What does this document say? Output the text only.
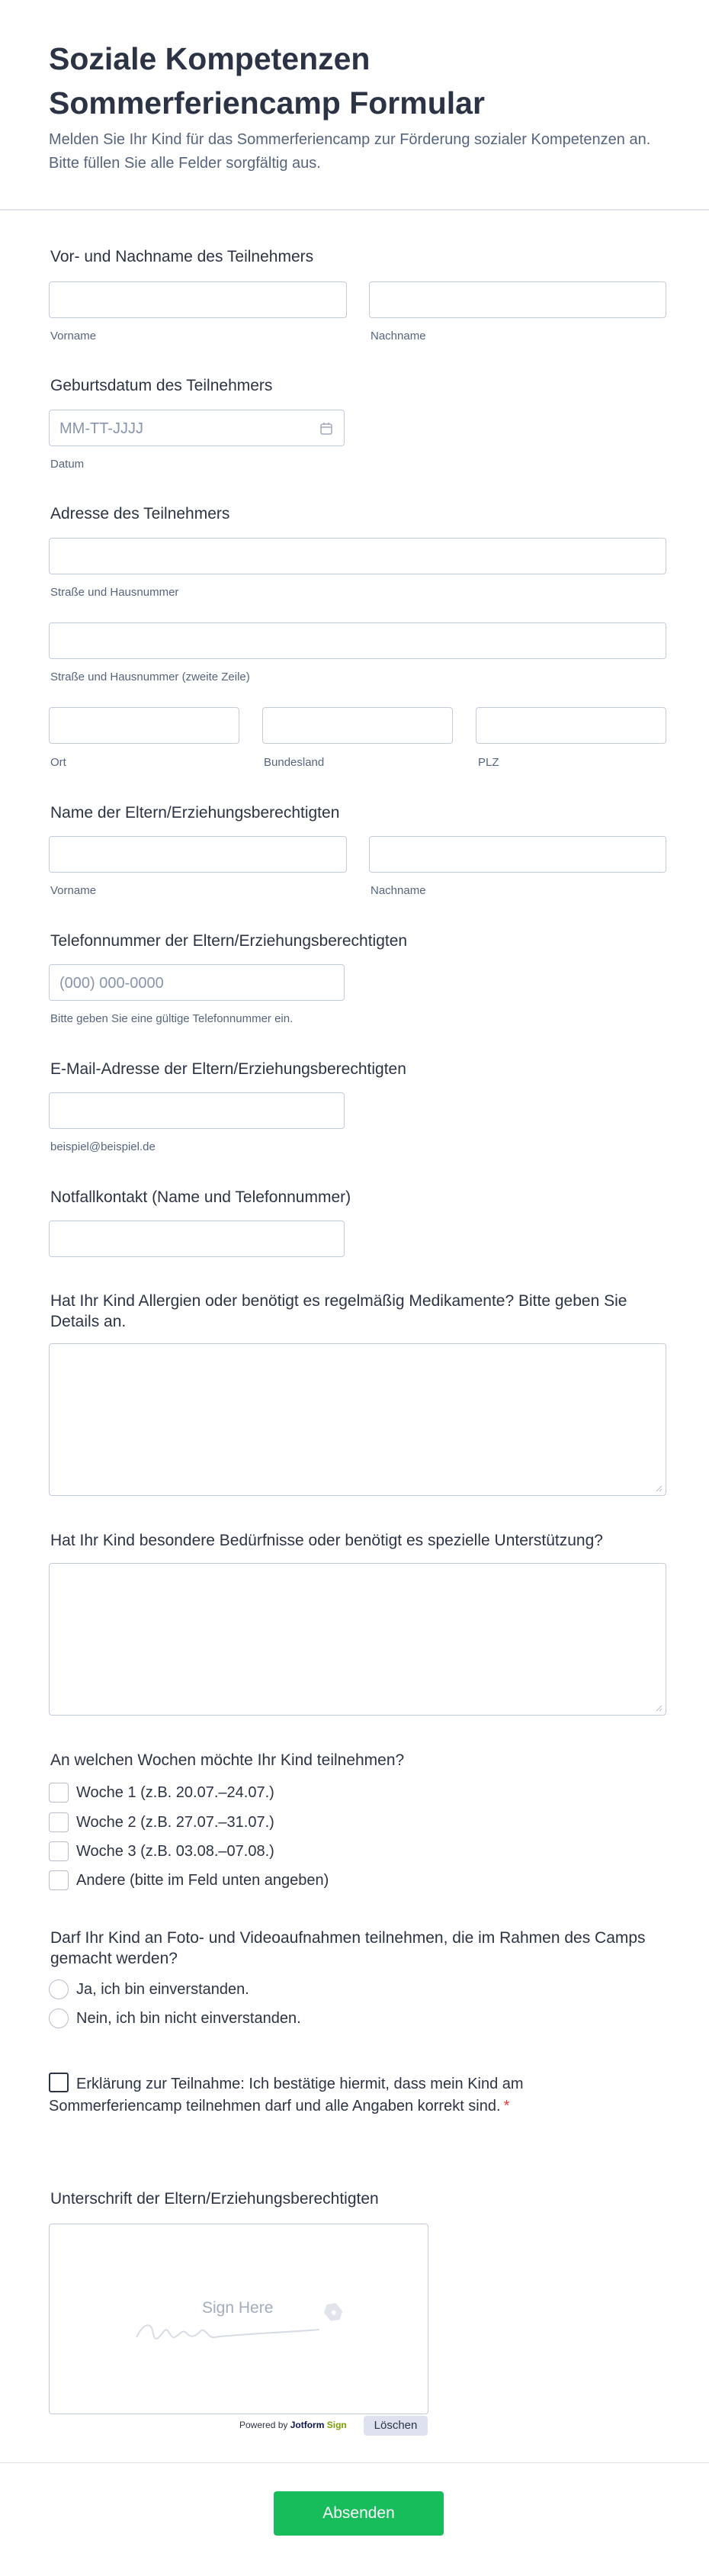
Soziale Kompetenzen Sommerferiencamp Formular

Melden Sie Ihr Kind für das Sommerferiencamp zur Förderung sozialer Kompetenzen an. Bitte füllen Sie alle Felder sorgfältig aus.

Vor- und Nachname des Teilnehmers
Vorname	Nachname
Geburtsdatum des Teilnehmers
MM-TT-JJJJ
Datum
Adresse des Teilnehmers
Straße und Hausnummer
Straße und Hausnummer (zweite Zeile)
Ort	Bundesland	PLZ
Name der Eltern/Erziehungsberechtigten
Vorname	Nachname
Telefonnummer der Eltern/Erziehungsberechtigten
(000) 000-0000
Bitte geben Sie eine gültige Telefonnummer ein.
E-Mail-Adresse der Eltern/Erziehungsberechtigten
beispiel@beispiel.de
Notfallkontakt (Name und Telefonnummer)
Hat Ihr Kind Allergien oder benötigt es regelmäßig Medikamente? Bitte geben Sie Details an.
Hat Ihr Kind besondere Bedürfnisse oder benötigt es spezielle Unterstützung?
An welchen Wochen möchte Ihr Kind teilnehmen?
Woche 1 (z.B. 20.07.–24.07.)
Woche 2 (z.B. 27.07.–31.07.)
Woche 3 (z.B. 03.08.–07.08.)
Andere (bitte im Feld unten angeben)
Darf Ihr Kind an Foto- und Videoaufnahmen teilnehmen, die im Rahmen des Camps gemacht werden?
Ja, ich bin einverstanden.
Nein, ich bin nicht einverstanden.
Erklärung zur Teilnahme: Ich bestätige hiermit, dass mein Kind am Sommerferiencamp teilnehmen darf und alle Angaben korrekt sind. *
Unterschrift der Eltern/Erziehungsberechtigten
Sign Here
Powered by Jotform Sign	Löschen
Absenden
